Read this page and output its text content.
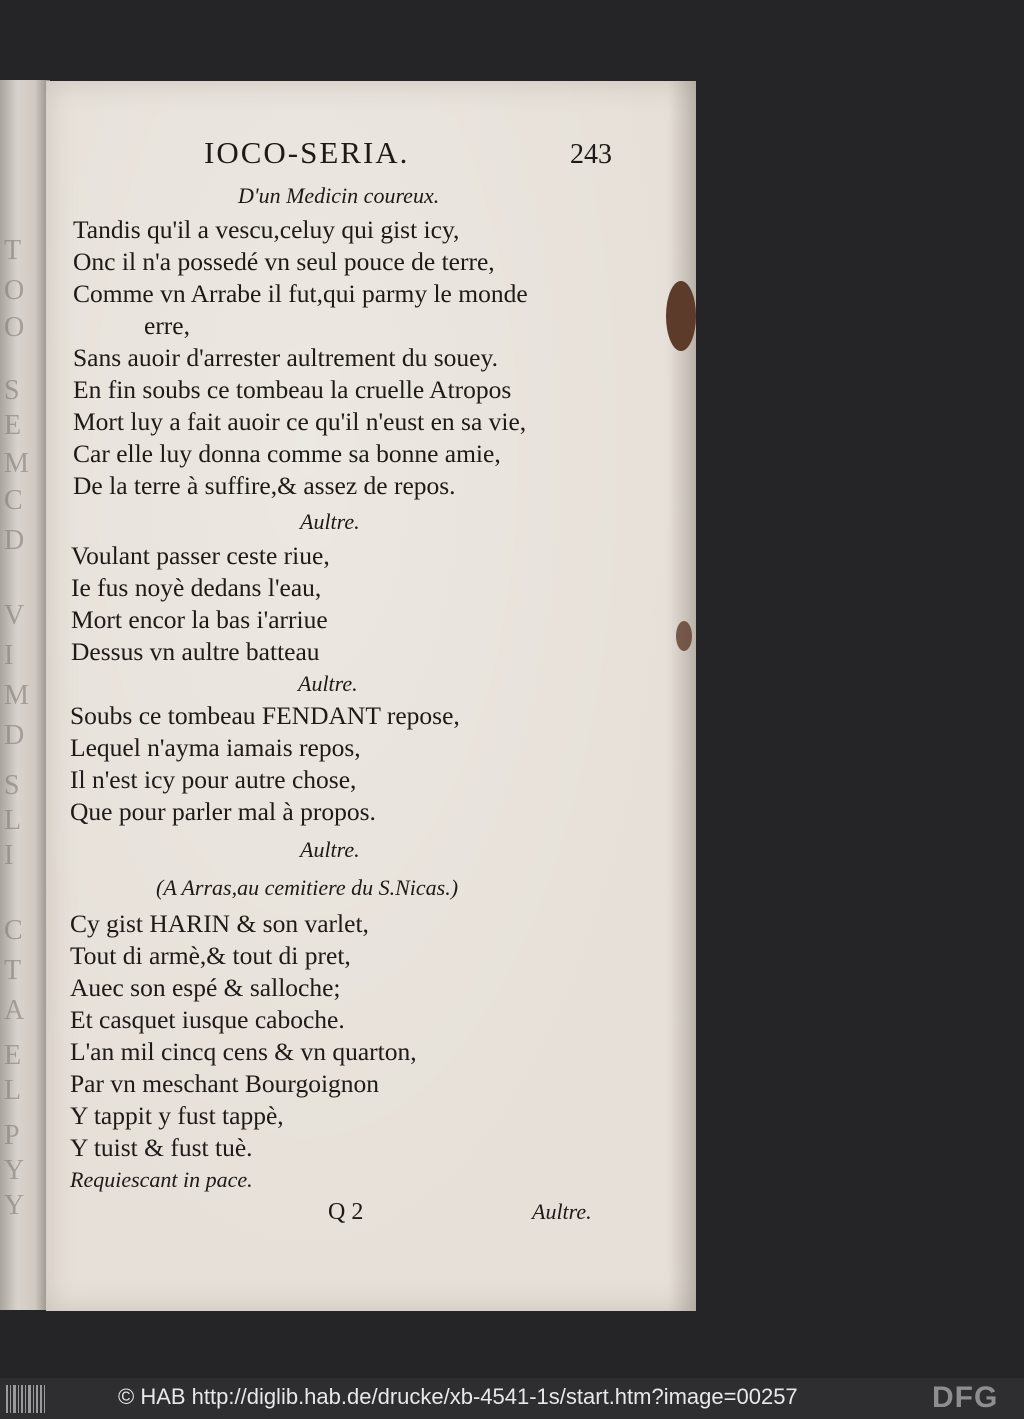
T
O
O
S
E
M
C
D
V
I
M
D
S
L
I
C
T
A
E
L
P
Y
Y
IOCO-SERIA.	243
D'un Medicin coureux.
Tandis qu'il a vescu,celuy qui gist icy,
Onc il n'a possedé vn seul pouce de terre,
Comme vn Arrabe il fut,qui parmy le monde
erre,
Sans auoir d'arrester aultrement du souey.
En fin soubs ce tombeau la cruelle Atropos
Mort luy a fait auoir ce qu'il n'eust en sa vie,
Car elle luy donna comme sa bonne amie,
De la terre à suffire,& assez de repos.
Aultre.
Voulant passer ceste riue,
Ie fus noyè dedans l'eau,
Mort encor la bas i'arriue
Dessus vn aultre batteau
Aultre.
Soubs ce tombeau FENDANT repose,
Lequel n'ayma iamais repos,
Il n'est icy pour autre chose,
Que pour parler mal à propos.
Aultre.
(A Arras,au cemitiere du S.Nicas.)
Cy gist HARIN & son varlet,
Tout di armè,& tout di pret,
Auec son espé & salloche;
Et casquet iusque caboche.
L'an mil cincq cens & vn quarton,
Par vn meschant Bourgoignon
Y tappit y fust tappè,
Y tuist & fust tuè.
Requiescant in pace.
Q 2	Aultre.
© HAB http://diglib.hab.de/drucke/xb-4541-1s/start.htm?image=00257	DFG
